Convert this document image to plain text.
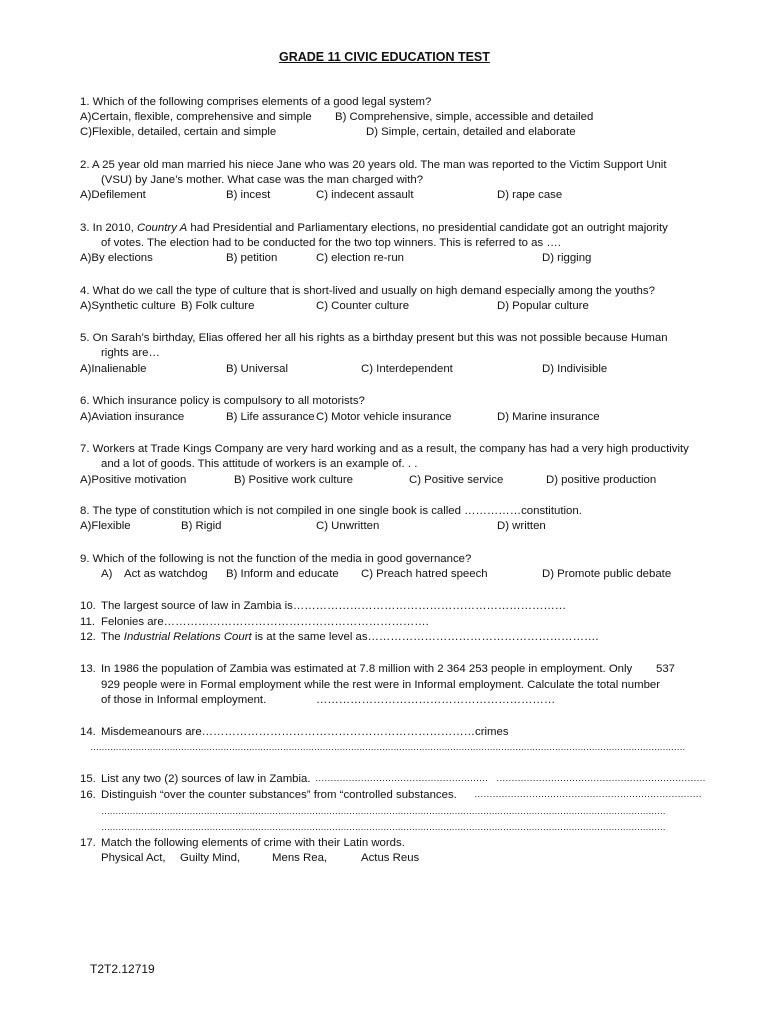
GRADE 11 CIVIC EDUCATION TEST
1. Which of the following comprises elements of a good legal system?
A)Certain, flexible, comprehensive and simple B) Comprehensive, simple, accessible and detailed
C)Flexible, detailed, certain and simple	D) Simple, certain, detailed and elaborate
2. A 25 year old man married his niece Jane who was 20 years old. The man was reported to the Victim Support Unit
(VSU) by Jane’s mother. What case was the man charged with?
A)Defilement	B) incest	C) indecent assault	D) rape case
3. In 2010, Country A had Presidential and Parliamentary elections, no presidential candidate got an outright majority
of votes. The election had to be conducted for the two top winners. This is referred to as ….
A)By elections	B) petition	C) election re-run	D) rigging
4. What do we call the type of culture that is short-lived and usually on high demand especially among the youths?
A)Synthetic culture B) Folk culture	C) Counter culture	D) Popular culture
5. On Sarah’s birthday, Elias offered her all his rights as a birthday present but this was not possible because Human
rights are…
A)Inalienable	B) Universal	C) Interdependent	D) Indivisible
6. Which insurance policy is compulsory to all motorists?
A)Aviation insurance	B) Life assurance C) Motor vehicle insurance	D) Marine insurance
7. Workers at Trade Kings Company are very hard working and as a result, the company has had a very high productivity
and a lot of goods. This attitude of workers is an example of. . .
A)Positive motivation	B) Positive work culture	C) Positive service	D) positive production
8. The type of constitution which is not compiled in one single book is called ……………constitution.
A)Flexible	B) Rigid	C) Unwritten	D) written
9. Which of the following is not the function of the media in good governance?
A) Act as watchdog B) Inform and educate C) Preach hatred speech	D) Promote public debate
10. The largest source of law in Zambia is………………………………………………………………
11. Felonies are…………………………………………………………….
12. The Industrial Relations Court is at the same level as…………………………………………………….
13. In 1986 the population of Zambia was estimated at 7.8 million with 2 364 253 people in employment. Only 537
929 people were in Formal employment while the rest were in Informal employment. Calculate the total number
of those in Informal employment.	………………………………………………………
14. Misdemeanours are………………………………………………………………crimes
…………………………………………………………………………………………………………………………………………………………………………………………
15. List any two (2) sources of law in Zambia. ………………………………………………… ……………………………………………………………
16. Distinguish “over the counter substances” from “controlled substances. …………………………………………………………………
………………………………………………………………………………………………………………………………………………………………………………
………………………………………………………………………………………………………………………………………………………………………………
17. Match the following elements of crime with their Latin words.
Physical Act, Guilty Mind,	Mens Rea,	Actus Reus
T2T2.12719
